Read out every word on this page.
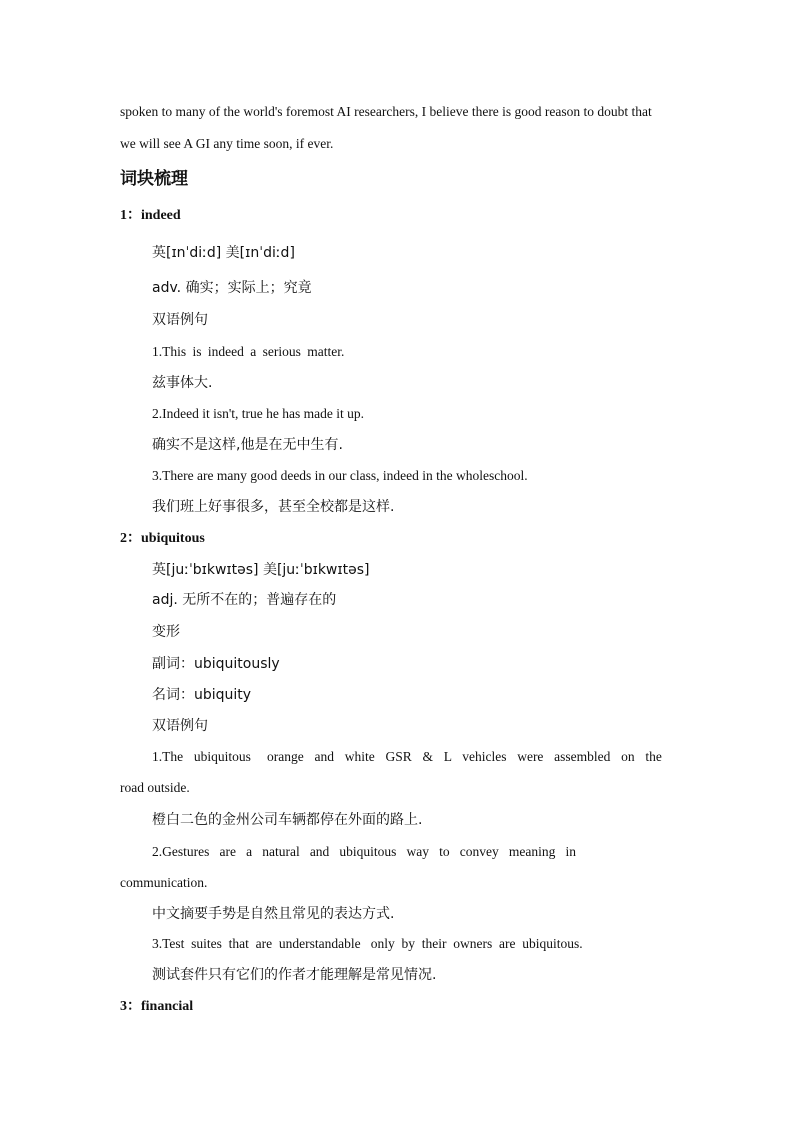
spoken to many of the world's foremost AI researchers, I believe there is good reason to doubt that
we will see A GI any time soon, if ever.
词块梳理
1：indeed
英[ɪnˈdiːd] 美[ɪnˈdiːd]
adv. 确实；实际上；究竟
双语例句
1.This is indeed a serious matter.
兹事体大.
2.Indeed it isn't, true he has made it up.
确实不是这样,他是在无中生有.
3.There are many good deeds in our class, indeed in the wholeschool.
我们班上好事很多，甚至全校都是这样.
2：ubiquitous
英[juːˈbɪkwɪtəs] 美[juːˈbɪkwɪtəs]
adj. 无所不在的；普遍存在的
变形
副词：ubiquitously
名词：ubiquity
双语例句
1.The  ubiquitous   orange  and  white  GSR  &  L  vehicles  were  assembled  on  the
road outside.
橙白二色的金州公司车辆都停在外面的路上.
2.Gestures   are   a   natural   and   ubiquitous   way   to   convey   meaning   in
communication.
中文摘要手势是自然且常见的表达方式.
3.Test  suites  that  are  understandable   only  by  their  owners  are  ubiquitous.
测试套件只有它们的作者才能理解是常见情况.
3：financial
